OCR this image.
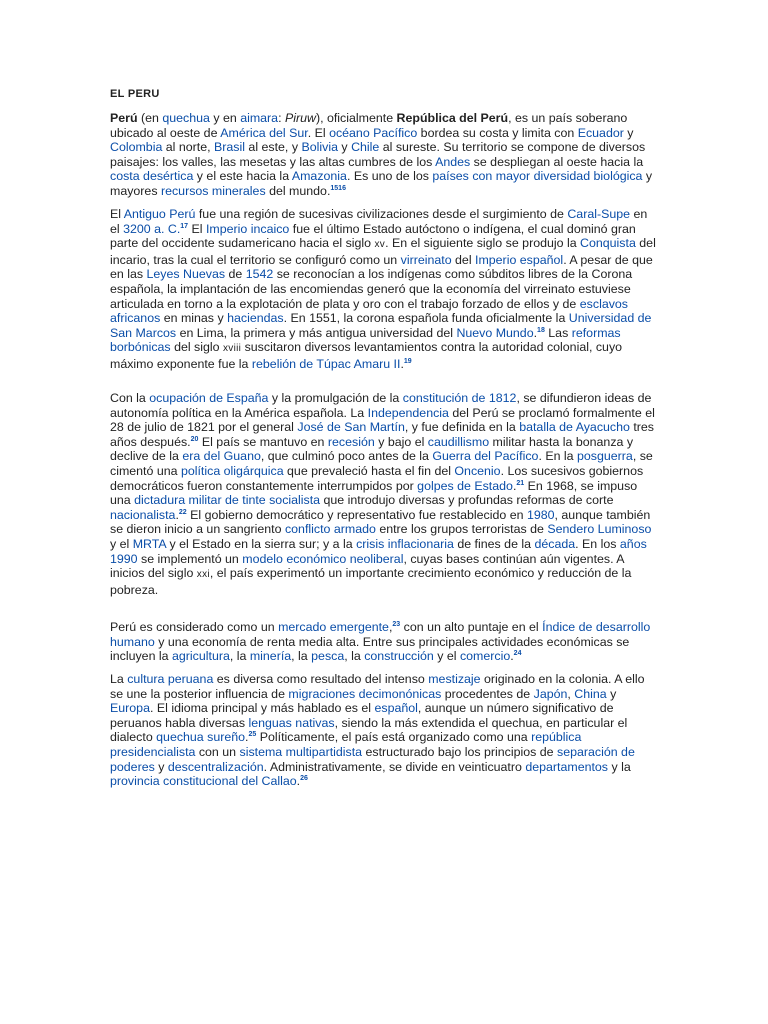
EL PERU

Perú (en quechua y en aimara: Piruw), oficialmente República del Perú, es un país soberano ubicado al oeste de América del Sur. El océano Pacífico bordea su costa y limita con Ecuador y Colombia al norte, Brasil al este, y Bolivia y Chile al sureste. Su territorio se compone de diversos paisajes: los valles, las mesetas y las altas cumbres de los Andes se despliegan al oeste hacia la costa desértica y el este hacia la Amazonia. Es uno de los países con mayor diversidad biológica y mayores recursos minerales del mundo.$^{1516}$

El Antiguo Perú fue una región de sucesivas civilizaciones desde el surgimiento de Caral-Supe en el 3200 a. C.$^{17}$ El Imperio incaico fue el último Estado autóctono o indígena, el cual dominó gran parte del occidente sudamericano hacia el siglo xv. En el siguiente siglo se produjo la Conquista del incario, tras la cual el territorio se configuró como un virreinato del Imperio español. A pesar de que en las Leyes Nuevas de 1542 se reconocían a los indígenas como súbditos libres de la Corona española, la implantación de las encomiendas generó que la economía del virreinato estuviese articulada en torno a la explotación de plata y oro con el trabajo forzado de ellos y de esclavos africanos en minas y haciendas. En 1551, la corona española funda oficialmente la Universidad de San Marcos en Lima, la primera y más antigua universidad del Nuevo Mundo.$^{18}$ Las reformas borbónicas del siglo xviii suscitaron diversos levantamientos contra la autoridad colonial, cuyo máximo exponente fue la rebelión de Túpac Amaru II.$^{19}$

Con la ocupación de España y la promulgación de la constitución de 1812, se difundieron ideas de autonomía política en la América española. La Independencia del Perú se proclamó formalmente el 28 de julio de 1821 por el general José de San Martín, y fue definida en la batalla de Ayacucho tres años después.$^{20}$ El país se mantuvo en recesión y bajo el caudillismo militar hasta la bonanza y declive de la era del Guano, que culminó poco antes de la Guerra del Pacífico. En la posguerra, se cimentó una política oligárquica que prevaleció hasta el fin del Oncenio. Los sucesivos gobiernos democráticos fueron constantemente interrumpidos por golpes de Estado.$^{21}$ En 1968, se impuso una dictadura militar de tinte socialista que introdujo diversas y profundas reformas de corte nacionalista.$^{22}$ El gobierno democrático y representativo fue restablecido en 1980, aunque también se dieron inicio a un sangriento conflicto armado entre los grupos terroristas de Sendero Luminoso y el MRTA y el Estado en la sierra sur; y a la crisis inflacionaria de fines de la década. En los años 1990 se implementó un modelo económico neoliberal, cuyas bases continúan aún vigentes. A inicios del siglo xxi, el país experimentó un importante crecimiento económico y reducción de la pobreza.

Perú es considerado como un mercado emergente,$^{23}$ con un alto puntaje en el Índice de desarrollo humano y una economía de renta media alta. Entre sus principales actividades económicas se incluyen la agricultura, la minería, la pesca, la construcción y el comercio.$^{24}$

La cultura peruana es diversa como resultado del intenso mestizaje originado en la colonia. A ello se une la posterior influencia de migraciones decimonónicas procedentes de Japón, China y Europa. El idioma principal y más hablado es el español, aunque un número significativo de peruanos habla diversas lenguas nativas, siendo la más extendida el quechua, en particular el dialecto quechua sureño.$^{25}$ Políticamente, el país está organizado como una república presidencialista con un sistema multipartidista estructurado bajo los principios de separación de poderes y descentralización. Administrativamente, se divide en veinticuatro departamentos y la provincia constitucional del Callao.$^{26}$
